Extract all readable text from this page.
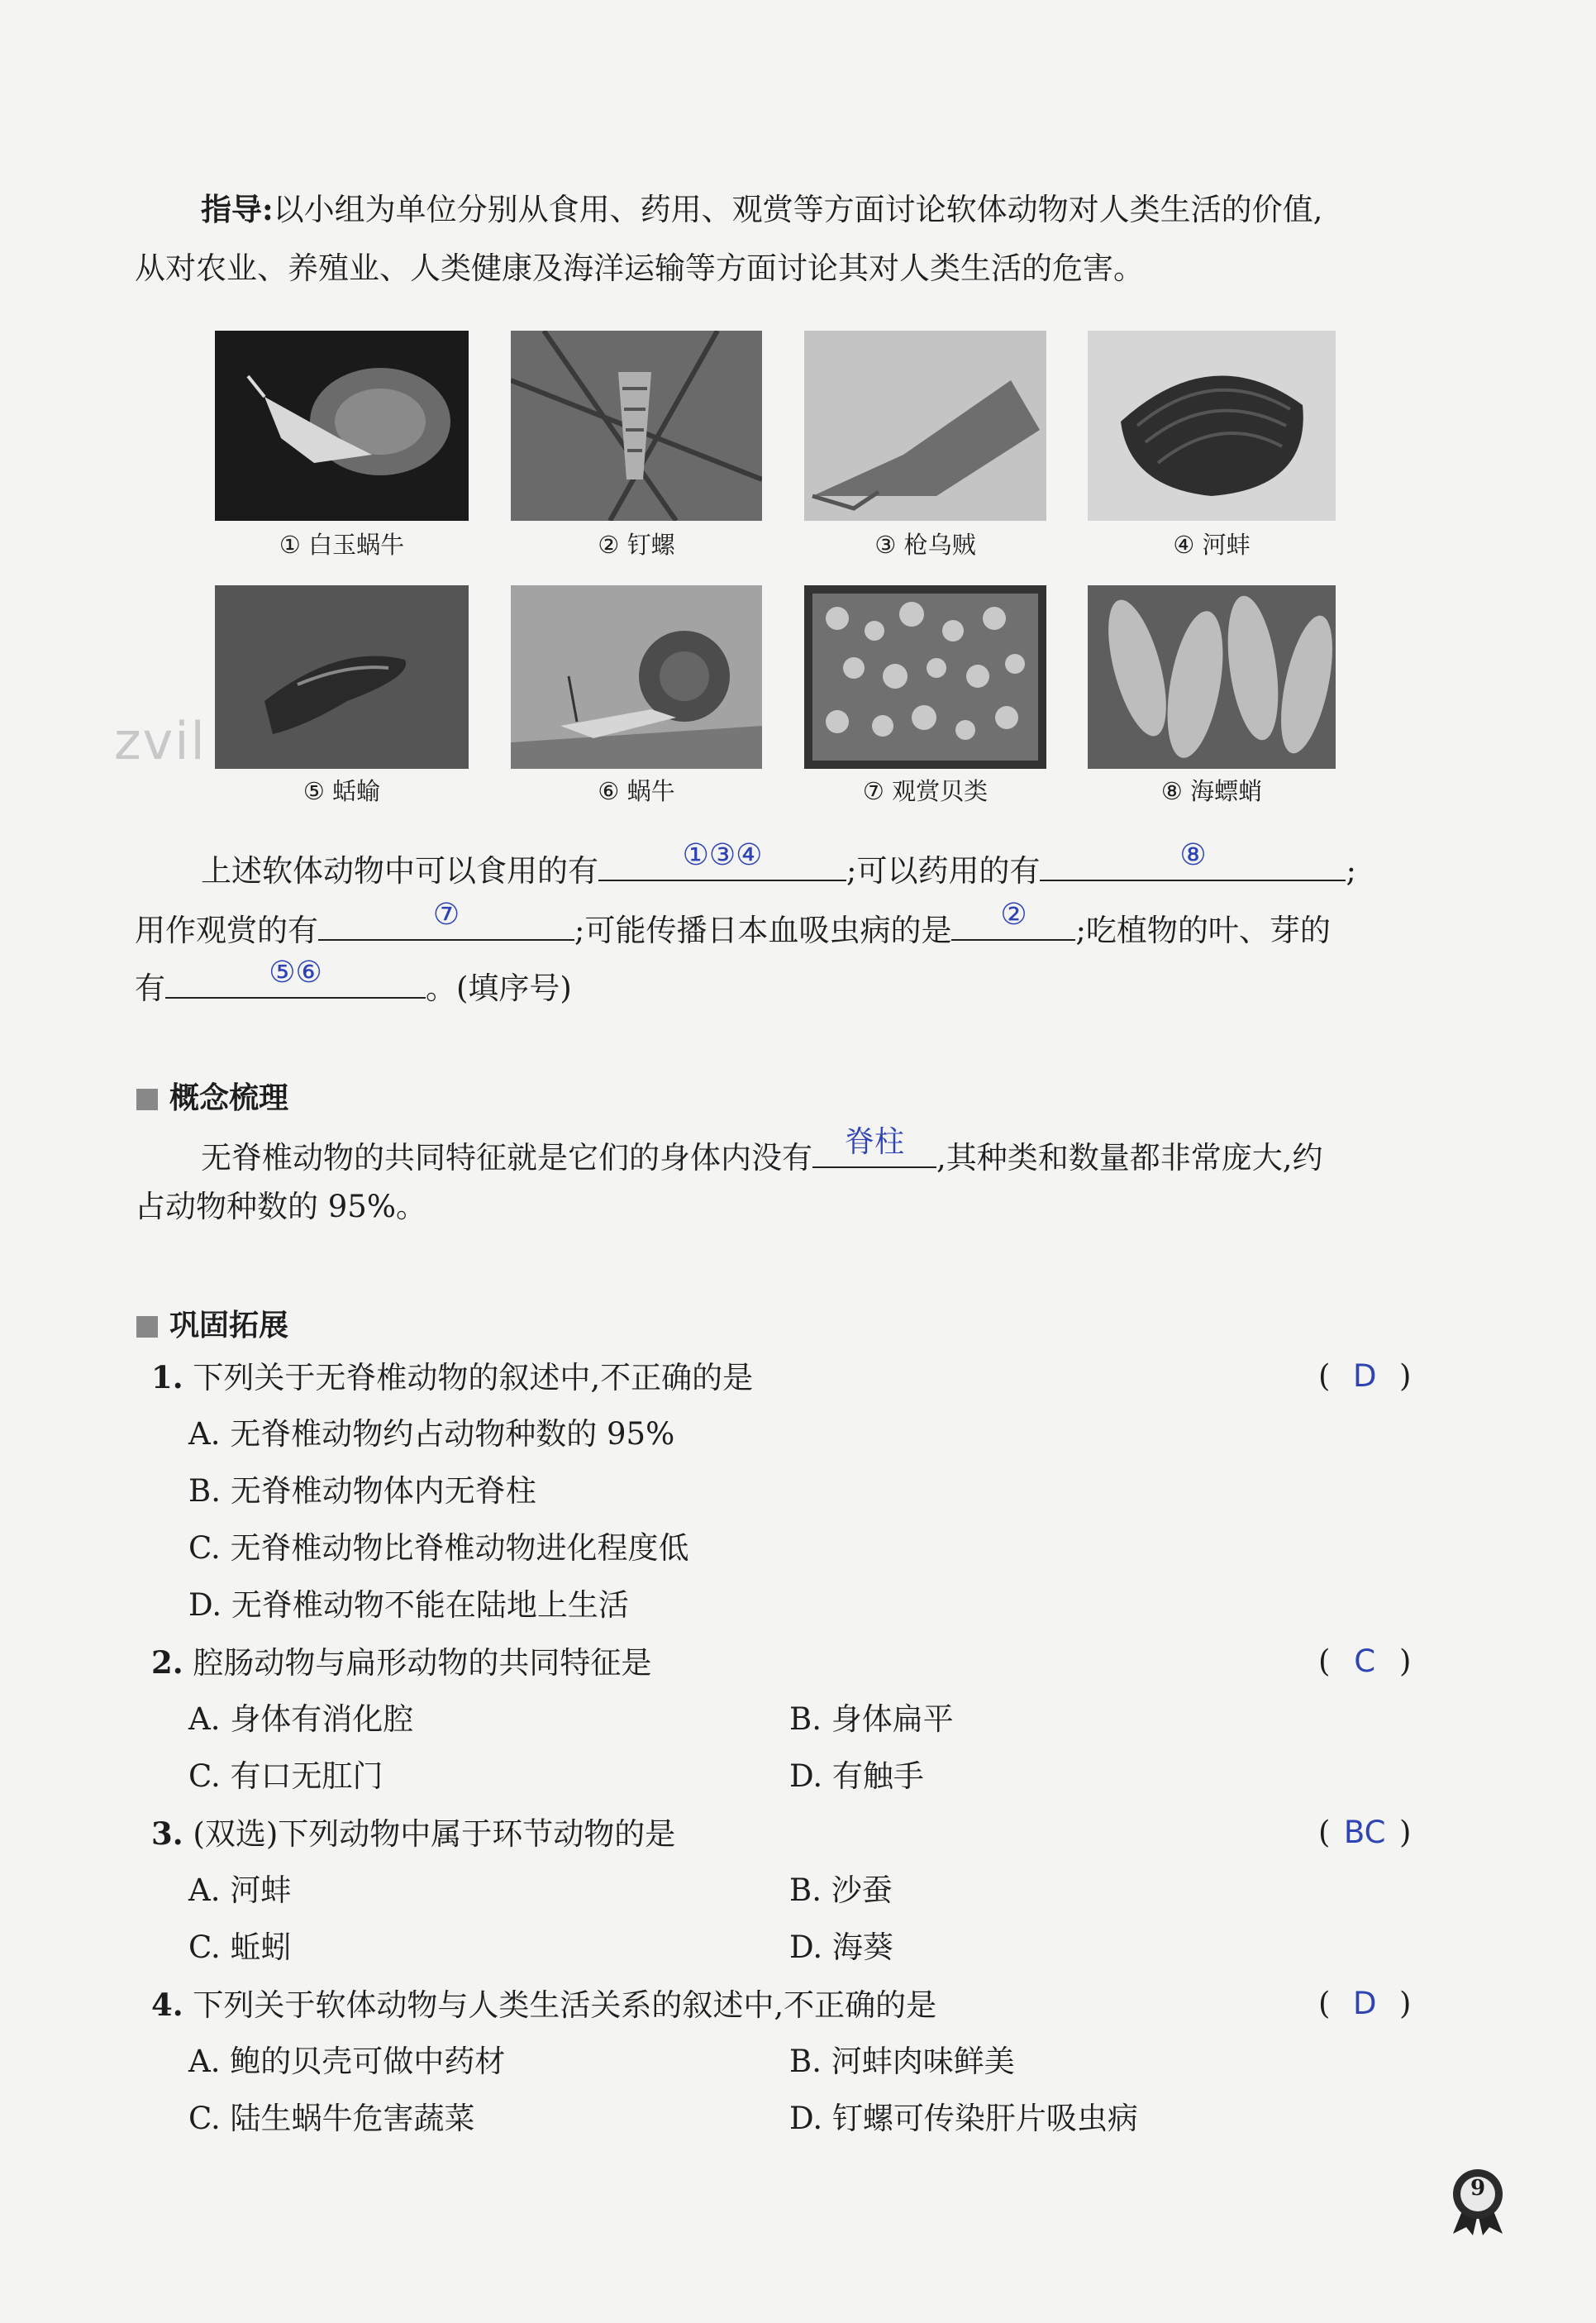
指导:以小组为单位分别从食用、药用、观赏等方面讨论软体动物对人类生活的价值,
从对农业、养殖业、人类健康及海洋运输等方面讨论其对人类生活的危害。
① 白玉蜗牛	② 钉螺	③ 枪乌贼	④ 河蚌
⑤ 蛞蝓	⑥ 蜗牛	⑦ 观赏贝类	⑧ 海螵蛸
zvil
上述软体动物中可以食用的有	①③④	;可以药用的有	⑧	;
用作观赏的有	⑦	;可能传播日本血吸虫病的是	②	;吃植物的叶、芽的
有	⑤⑥	。(填序号)
概念梳理
无脊椎动物的共同特征就是它们的身体内没有	脊柱	,其种类和数量都非常庞大,约
占动物种数的 95%。
巩固拓展
1. 下列关于无脊椎动物的叙述中,不正确的是	( D )
A. 无脊椎动物约占动物种数的 95%
B. 无脊椎动物体内无脊柱
C. 无脊椎动物比脊椎动物进化程度低
D. 无脊椎动物不能在陆地上生活
2. 腔肠动物与扁形动物的共同特征是	( C )
A. 身体有消化腔	B. 身体扁平
C. 有口无肛门	D. 有触手
3. (双选)下列动物中属于环节动物的是	( BC )
A. 河蚌	B. 沙蚕
C. 蚯蚓	D. 海葵
4. 下列关于软体动物与人类生活关系的叙述中,不正确的是	( D )
A. 鲍的贝壳可做中药材	B. 河蚌肉味鲜美
C. 陆生蜗牛危害蔬菜	D. 钉螺可传染肝片吸虫病
9
